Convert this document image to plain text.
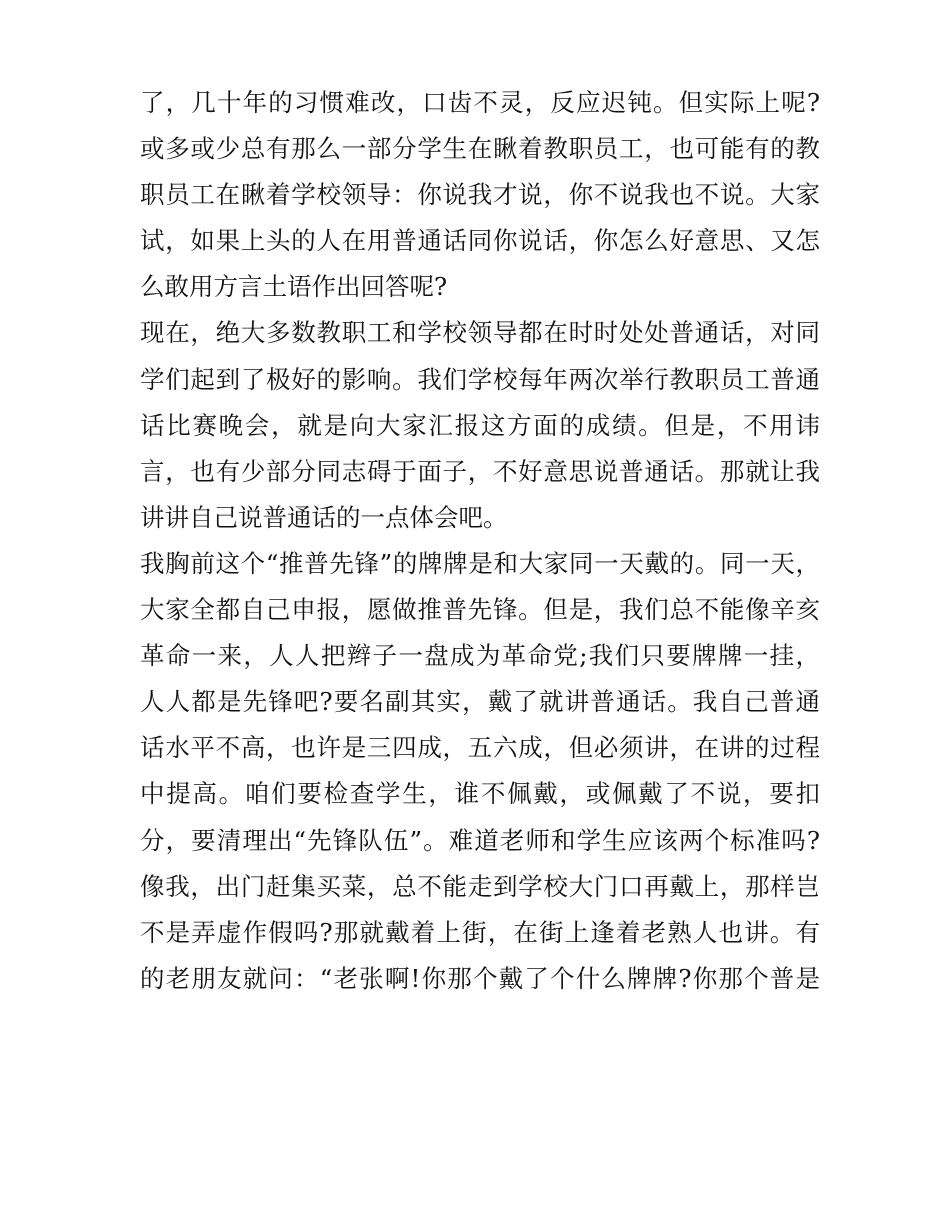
了，几十年的习惯难改，口齿不灵，反应迟钝。但实际上呢?
或多或少总有那么一部分学生在瞅着教职员工，也可能有的教
职员工在瞅着学校领导：你说我才说，你不说我也不说。大家
试，如果上头的人在用普通话同你说话，你怎么好意思、又怎
么敢用方言土语作出回答呢?
现在，绝大多数教职工和学校领导都在时时处处普通话，对同
学们起到了极好的影响。我们学校每年两次举行教职员工普通
话比赛晚会，就是向大家汇报这方面的成绩。但是，不用讳
言，也有少部分同志碍于面子，不好意思说普通话。那就让我
讲讲自己说普通话的一点体会吧。
我胸前这个“推普先锋”的牌牌是和大家同一天戴的。同一天，
大家全都自己申报，愿做推普先锋。但是，我们总不能像辛亥
革命一来，人人把辫子一盘成为革命党;我们只要牌牌一挂，
人人都是先锋吧?要名副其实，戴了就讲普通话。我自己普通
话水平不高，也许是三四成，五六成，但必须讲，在讲的过程
中提高。咱们要检查学生，谁不佩戴，或佩戴了不说，要扣
分，要清理出“先锋队伍”。难道老师和学生应该两个标准吗?
像我，出门赶集买菜，总不能走到学校大门口再戴上，那样岂
不是弄虚作假吗?那就戴着上街，在街上逢着老熟人也讲。有
的老朋友就问：“老张啊!你那个戴了个什么牌牌?你那个普是
